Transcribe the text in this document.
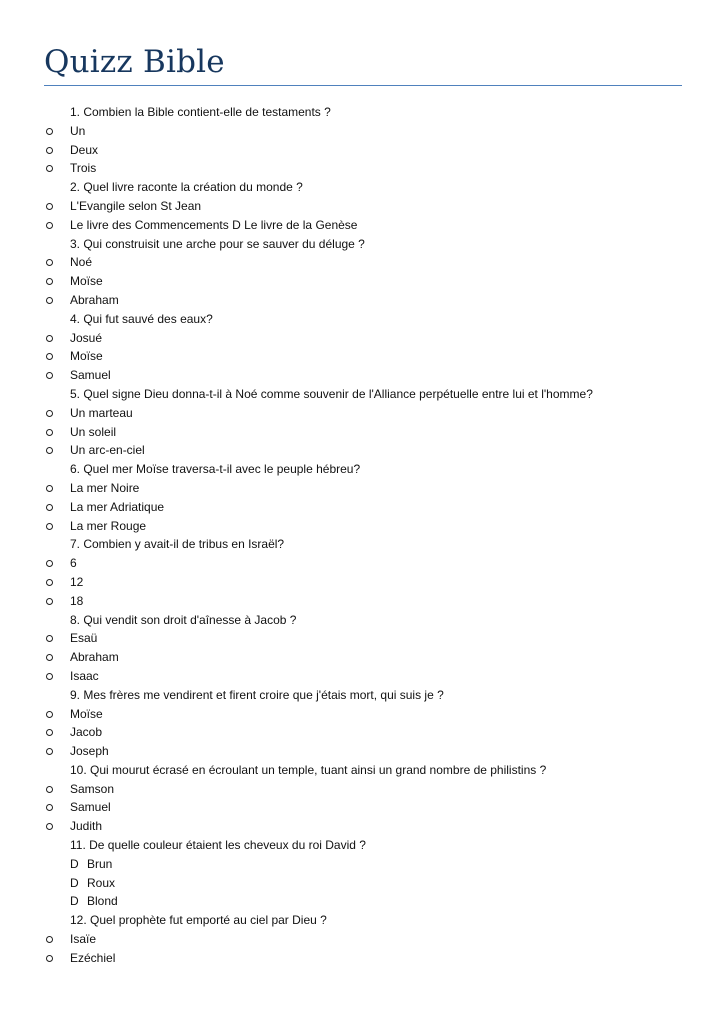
Quizz Bible
1. Combien la Bible contient-elle de testaments ?
Un
Deux
Trois
2. Quel livre raconte la création du monde ?
L'Evangile selon St Jean
Le livre des Commencements D Le livre de la Genèse
3. Qui construisit une arche pour se sauver du déluge ?
Noé
Moïse
Abraham
4. Qui fut sauvé des eaux?
Josué
Moïse
Samuel
5. Quel signe Dieu donna-t-il à Noé comme souvenir de l'Alliance perpétuelle entre lui et l'homme?
Un marteau
Un soleil
Un arc-en-ciel
6. Quel mer Moïse traversa-t-il avec le peuple hébreu?
La mer Noire
La mer Adriatique
La mer Rouge
7. Combien y avait-il de tribus en Israël?
6
12
18
8. Qui vendit son droit d'aînesse à Jacob ?
Esaü
Abraham
Isaac
9. Mes frères me vendirent et firent croire que j'étais mort, qui suis je ?
Moïse
Jacob
Joseph
10. Qui mourut écrasé en écroulant un temple, tuant ainsi un grand nombre de philistins ?
Samson
Samuel
Judith
11. De quelle couleur étaient les cheveux du roi David ?
D Brun
D Roux
D Blond
12. Quel prophète fut emporté au ciel par Dieu ?
Isaïe
Ezéchiel
